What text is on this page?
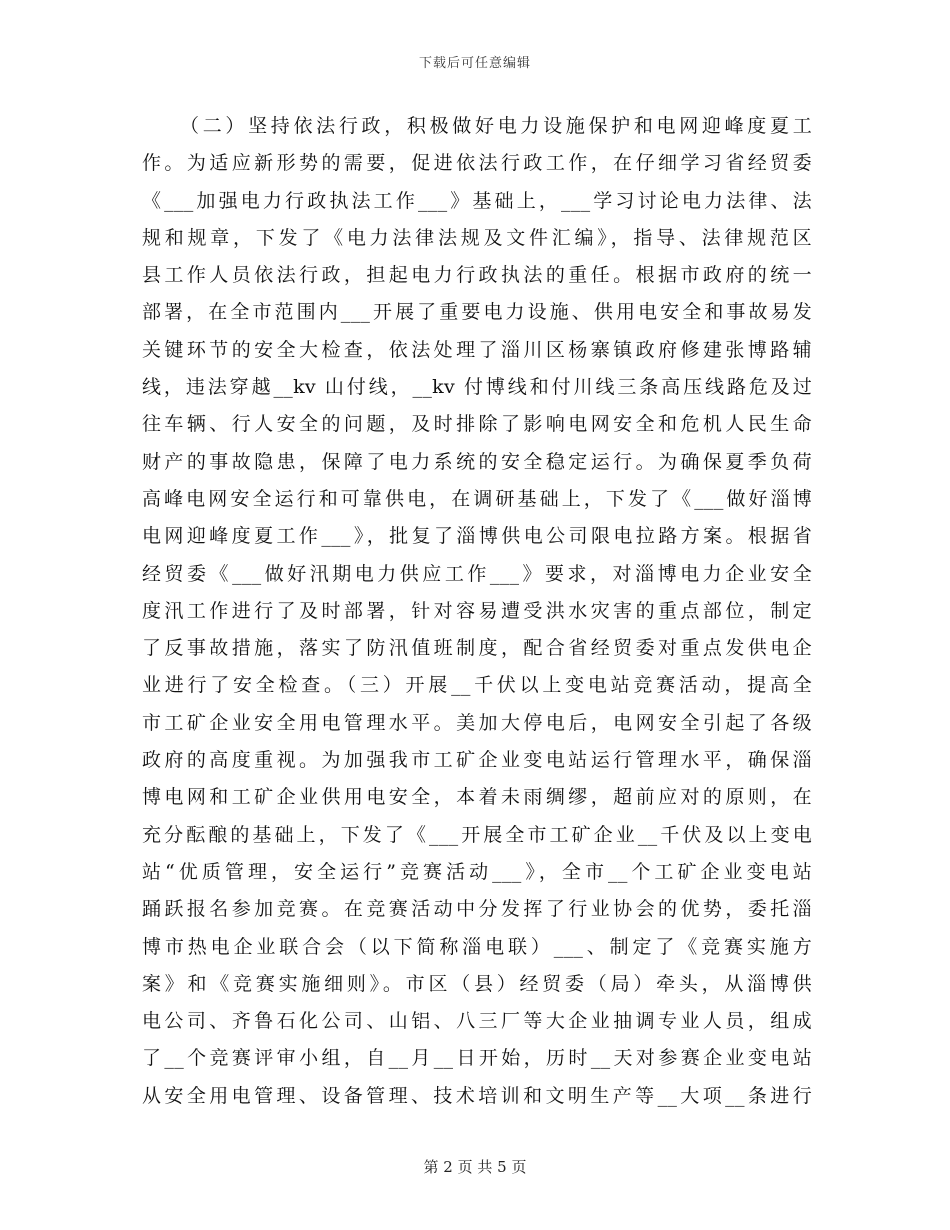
下载后可任意编辑
（二）坚持依法行政，积极做好电力设施保护和电网迎峰度夏工
作。为适应新形势的需要，促进依法行政工作，在仔细学习省经贸委
《___加强电力行政执法工作___》基础上，___学习讨论电力法律、法
规和规章，下发了《电力法律法规及文件汇编》，指导、法律规范区
县工作人员依法行政，担起电力行政执法的重任。根据市政府的统一
部署，在全市范围内___开展了重要电力设施、供用电安全和事故易发
关键环节的安全大检查，依法处理了淄川区杨寨镇政府修建张博路辅
线，违法穿越__kv 山付线，__kv 付博线和付川线三条高压线路危及过
往车辆、行人安全的问题，及时排除了影响电网安全和危机人民生命
财产的事故隐患，保障了电力系统的安全稳定运行。为确保夏季负荷
高峰电网安全运行和可靠供电，在调研基础上，下发了《___做好淄博
电网迎峰度夏工作___》，批复了淄博供电公司限电拉路方案。根据省
经贸委《___做好汛期电力供应工作___》要求，对淄博电力企业安全
度汛工作进行了及时部署，针对容易遭受洪水灾害的重点部位，制定
了反事故措施，落实了防汛值班制度，配合省经贸委对重点发供电企
业进行了安全检查。（三）开展__千伏以上变电站竞赛活动，提高全
市工矿企业安全用电管理水平。美加大停电后，电网安全引起了各级
政府的高度重视。为加强我市工矿企业变电站运行管理水平，确保淄
博电网和工矿企业供用电安全，本着未雨绸缪，超前应对的原则，在
充分酝酿的基础上，下发了《___开展全市工矿企业__千伏及以上变电
站“优质管理，安全运行”竞赛活动___》，全市__个工矿企业变电站
踊跃报名参加竞赛。在竞赛活动中分发挥了行业协会的优势，委托淄
博市热电企业联合会（以下简称淄电联）___、制定了《竞赛实施方
案》和《竞赛实施细则》。市区（县）经贸委（局）牵头，从淄博供
电公司、齐鲁石化公司、山铝、八三厂等大企业抽调专业人员，组成
了__个竞赛评审小组，自__月__日开始，历时__天对参赛企业变电站
从安全用电管理、设备管理、技术培训和文明生产等__大项__条进行
第 2 页 共 5 页
